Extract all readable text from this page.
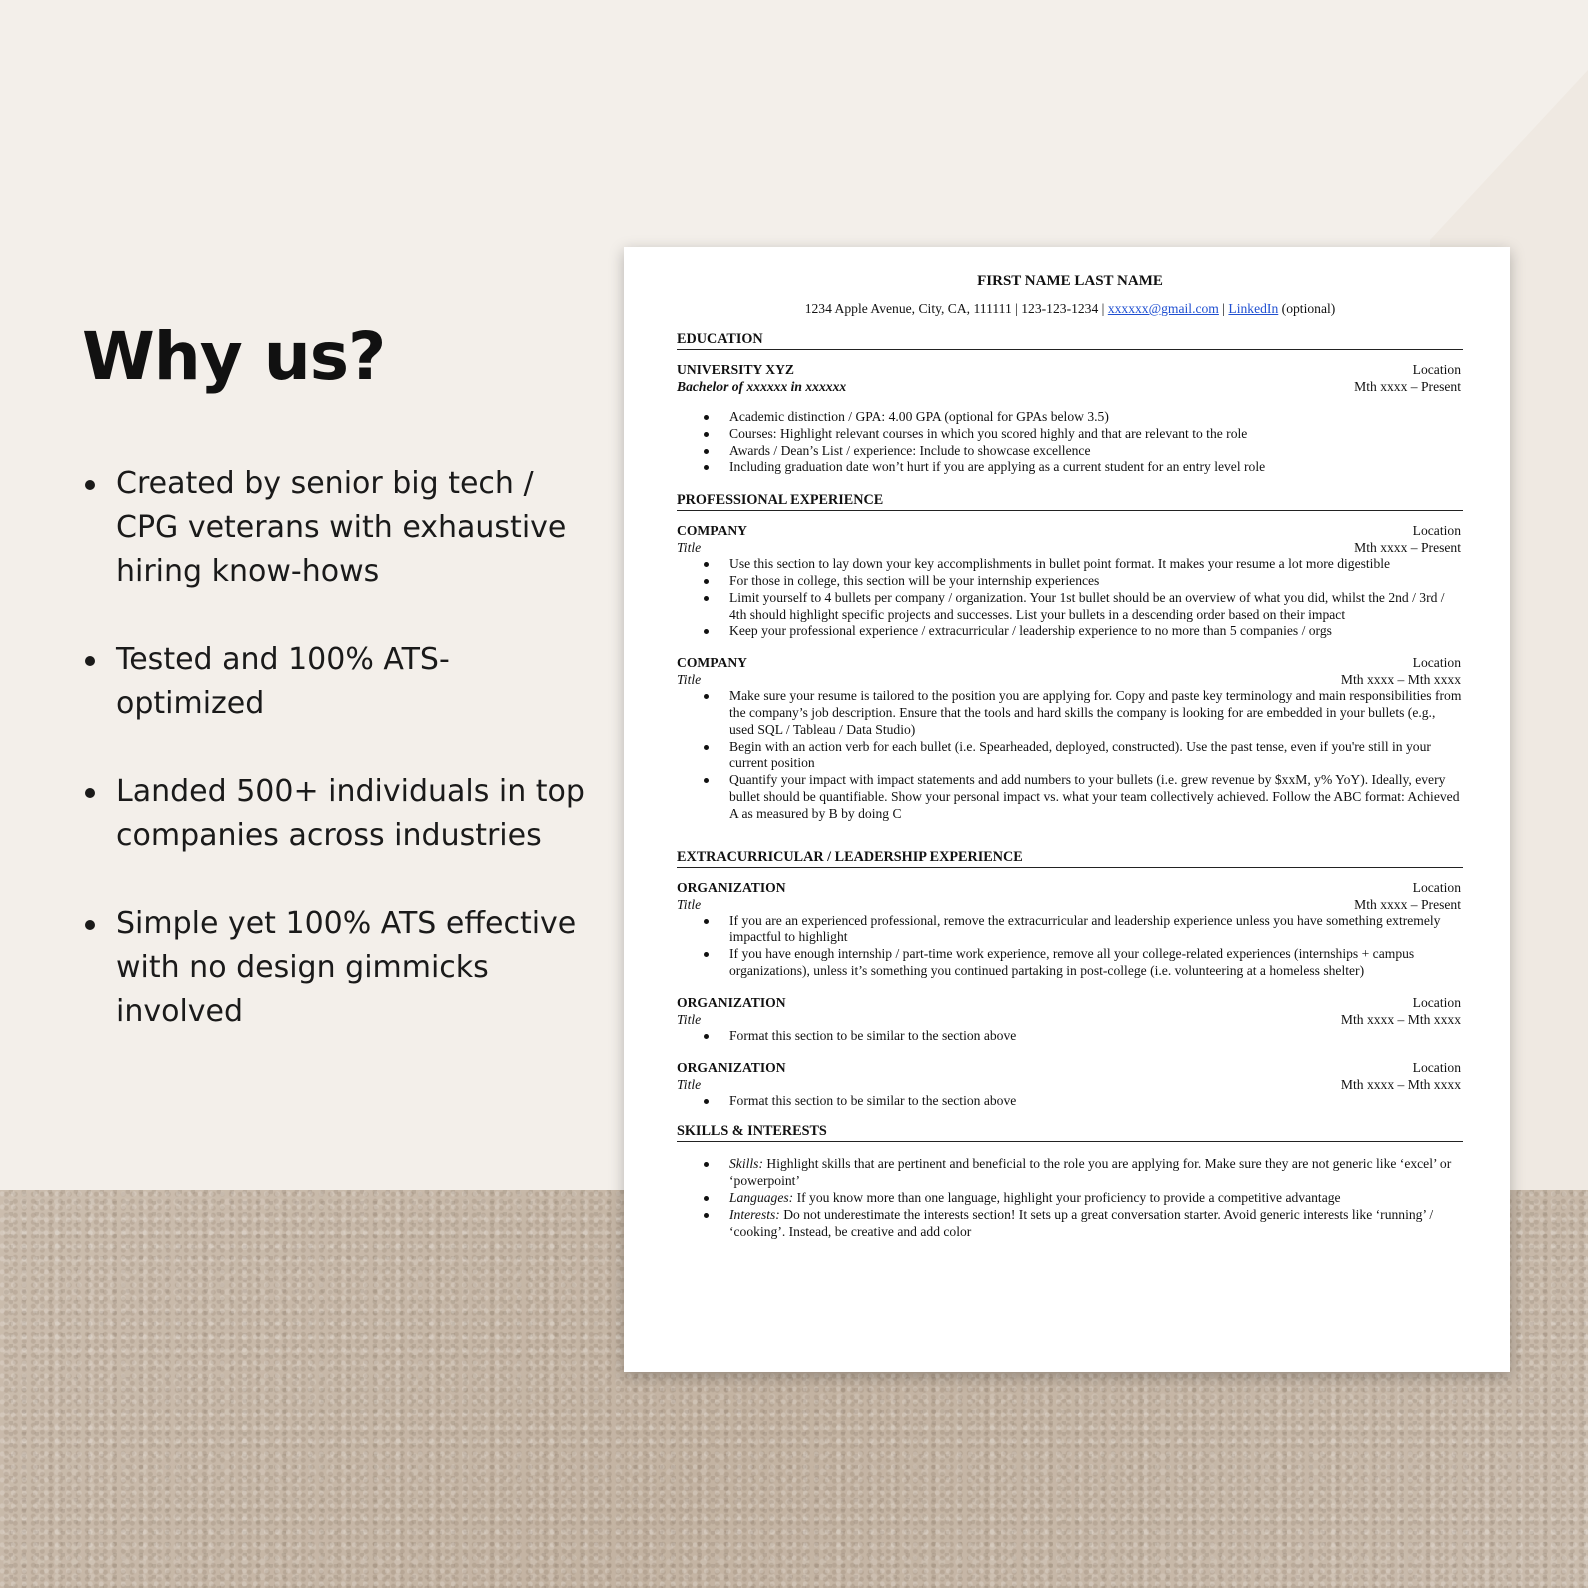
Why us?
Created by senior big tech / CPG veterans with exhaustive hiring know-hows
Tested and 100% ATS-optimized
Landed 500+ individuals in top companies across industries
Simple yet 100% ATS effective with no design gimmicks involved
FIRST NAME LAST NAME
1234 Apple Avenue, City, CA, 111111 | 123-123-1234 | xxxxxx@gmail.com | LinkedIn (optional)
EDUCATION
UNIVERSITY XYZ	Location
Bachelor of xxxxxx in xxxxxx	Mth xxxx – Present
Academic distinction / GPA: 4.00 GPA (optional for GPAs below 3.5)
Courses: Highlight relevant courses in which you scored highly and that are relevant to the role
Awards / Dean’s List / experience: Include to showcase excellence
Including graduation date won’t hurt if you are applying as a current student for an entry level role
PROFESSIONAL EXPERIENCE
COMPANY	Location
Title	Mth xxxx – Present
Use this section to lay down your key accomplishments in bullet point format. It makes your resume a lot more digestible
For those in college, this section will be your internship experiences
Limit yourself to 4 bullets per company / organization. Your 1st bullet should be an overview of what you did, whilst the 2nd / 3rd / 4th should highlight specific projects and successes. List your bullets in a descending order based on their impact
Keep your professional experience / extracurricular / leadership experience to no more than 5 companies / orgs
COMPANY	Location
Title	Mth xxxx – Mth xxxx
Make sure your resume is tailored to the position you are applying for. Copy and paste key terminology and main responsibilities from the company’s job description. Ensure that the tools and hard skills the company is looking for are embedded in your bullets (e.g., used SQL / Tableau / Data Studio)
Begin with an action verb for each bullet (i.e. Spearheaded, deployed, constructed). Use the past tense, even if you're still in your current position
Quantify your impact with impact statements and add numbers to your bullets (i.e. grew revenue by $xxM, y% YoY). Ideally, every bullet should be quantifiable. Show your personal impact vs. what your team collectively achieved. Follow the ABC format: Achieved A as measured by B by doing C
EXTRACURRICULAR / LEADERSHIP EXPERIENCE
ORGANIZATION	Location
Title	Mth xxxx – Present
If you are an experienced professional, remove the extracurricular and leadership experience unless you have something extremely impactful to highlight
If you have enough internship / part-time work experience, remove all your college-related experiences (internships + campus organizations), unless it’s something you continued partaking in post-college (i.e. volunteering at a homeless shelter)
ORGANIZATION	Location
Title	Mth xxxx – Mth xxxx
Format this section to be similar to the section above
ORGANIZATION	Location
Title	Mth xxxx – Mth xxxx
Format this section to be similar to the section above
SKILLS & INTERESTS
Skills: Highlight skills that are pertinent and beneficial to the role you are applying for. Make sure they are not generic like ‘excel’ or ‘powerpoint’
Languages: If you know more than one language, highlight your proficiency to provide a competitive advantage
Interests: Do not underestimate the interests section! It sets up a great conversation starter. Avoid generic interests like ‘running’ / ‘cooking’. Instead, be creative and add color
